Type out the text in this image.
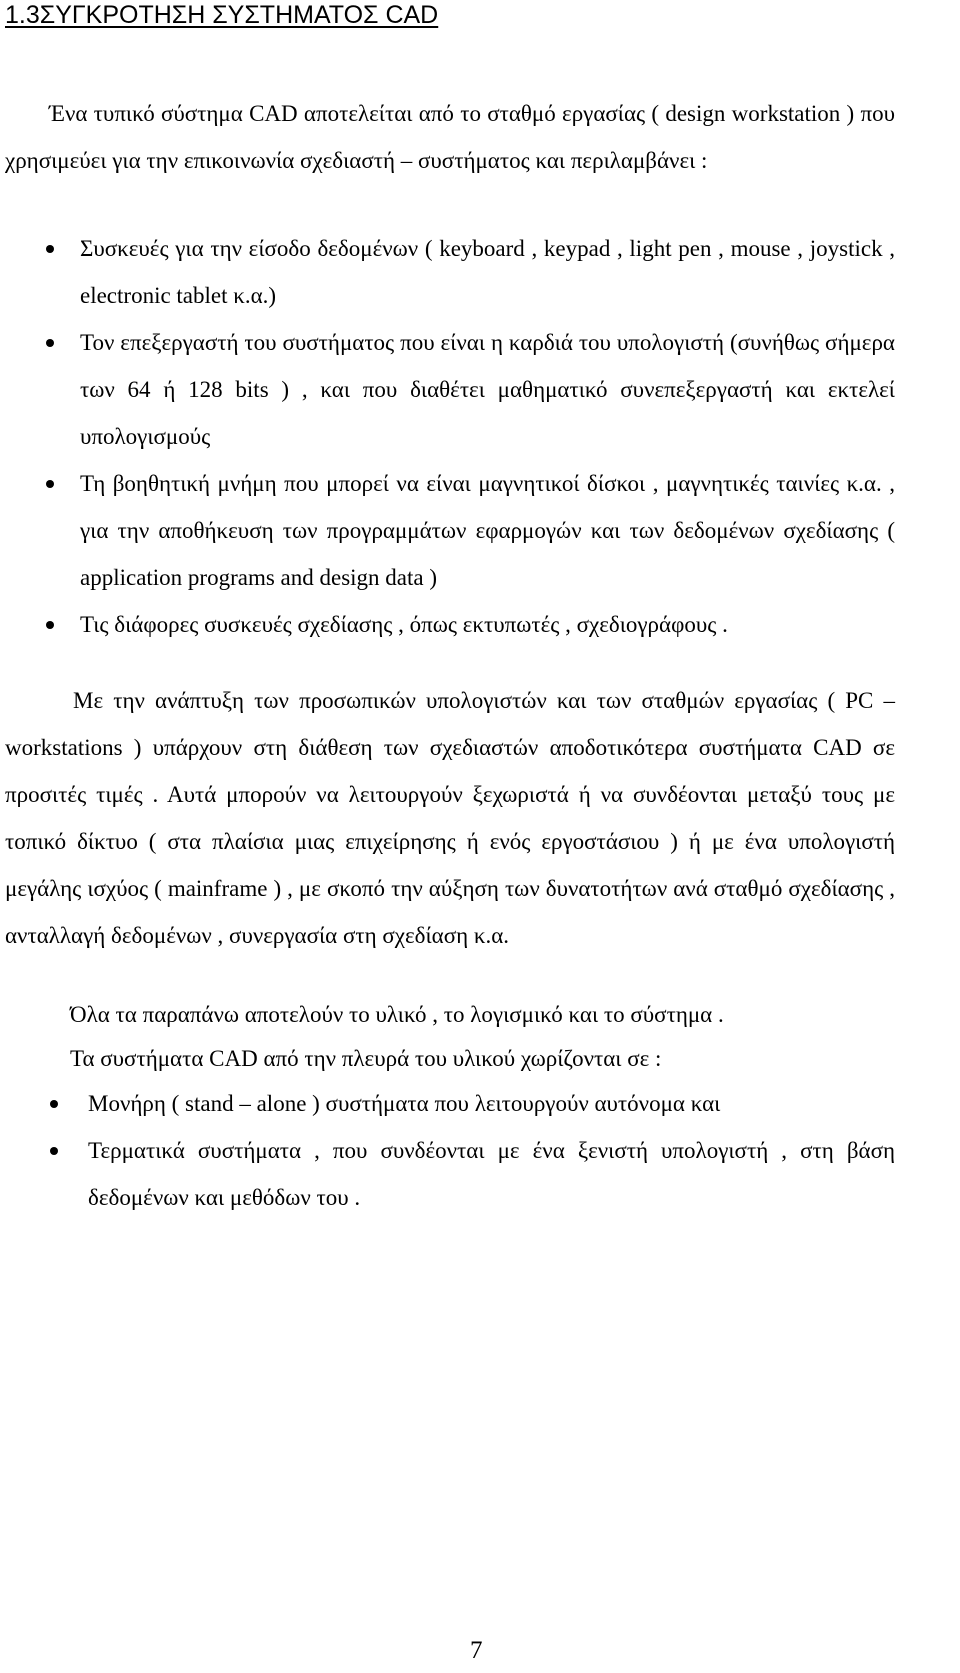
1.3ΣΥΓΚΡΟΤΗΣΗ ΣΥΣΤΗΜΑΤΟΣ CAD

Ένα τυπικό σύστημα CAD αποτελείται από το σταθμό εργασίας ( design workstation ) που χρησιμεύει για την επικοινωνία σχεδιαστή – συστήματος και περιλαμβάνει :

Συσκευές για την είσοδο δεδομένων ( keyboard , keypad , light pen , mouse , joystick , electronic tablet κ.α.)
Τον επεξεργαστή του συστήματος που είναι η καρδιά του υπολογιστή (συνήθως σήμερα των 64 ή 128 bits ) , και που διαθέτει μαθηματικό συνεπεξεργαστή και εκτελεί υπολογισμούς
Τη βοηθητική μνήμη που μπορεί να είναι μαγνητικοί δίσκοι , μαγνητικές ταινίες κ.α. , για την αποθήκευση των προγραμμάτων εφαρμογών και των δεδομένων σχεδίασης ( application programs and design data )
Τις διάφορες συσκευές σχεδίασης , όπως εκτυπωτές , σχεδιογράφους .

Με την ανάπτυξη των προσωπικών υπολογιστών και των σταθμών εργασίας ( PC – workstations ) υπάρχουν στη διάθεση των σχεδιαστών αποδοτικότερα συστήματα CAD σε προσιτές τιμές . Αυτά μπορούν να λειτουργούν ξεχωριστά ή να συνδέονται μεταξύ τους με τοπικό δίκτυο ( στα πλαίσια μιας επιχείρησης ή ενός εργοστάσιου ) ή με ένα υπολογιστή μεγάλης ισχύος ( mainframe ) , με σκοπό την αύξηση των δυνατοτήτων ανά σταθμό σχεδίασης , ανταλλαγή δεδομένων , συνεργασία στη σχεδίαση κ.α.

Όλα τα παραπάνω αποτελούν το υλικό , το λογισμικό και το σύστημα .

Τα συστήματα CAD από την πλευρά του υλικού χωρίζονται σε :

Μονήρη ( stand – alone ) συστήματα που λειτουργούν αυτόνομα και
Τερματικά συστήματα , που συνδέονται με ένα ξενιστή υπολογιστή , στη βάση δεδομένων και μεθόδων του .
7
